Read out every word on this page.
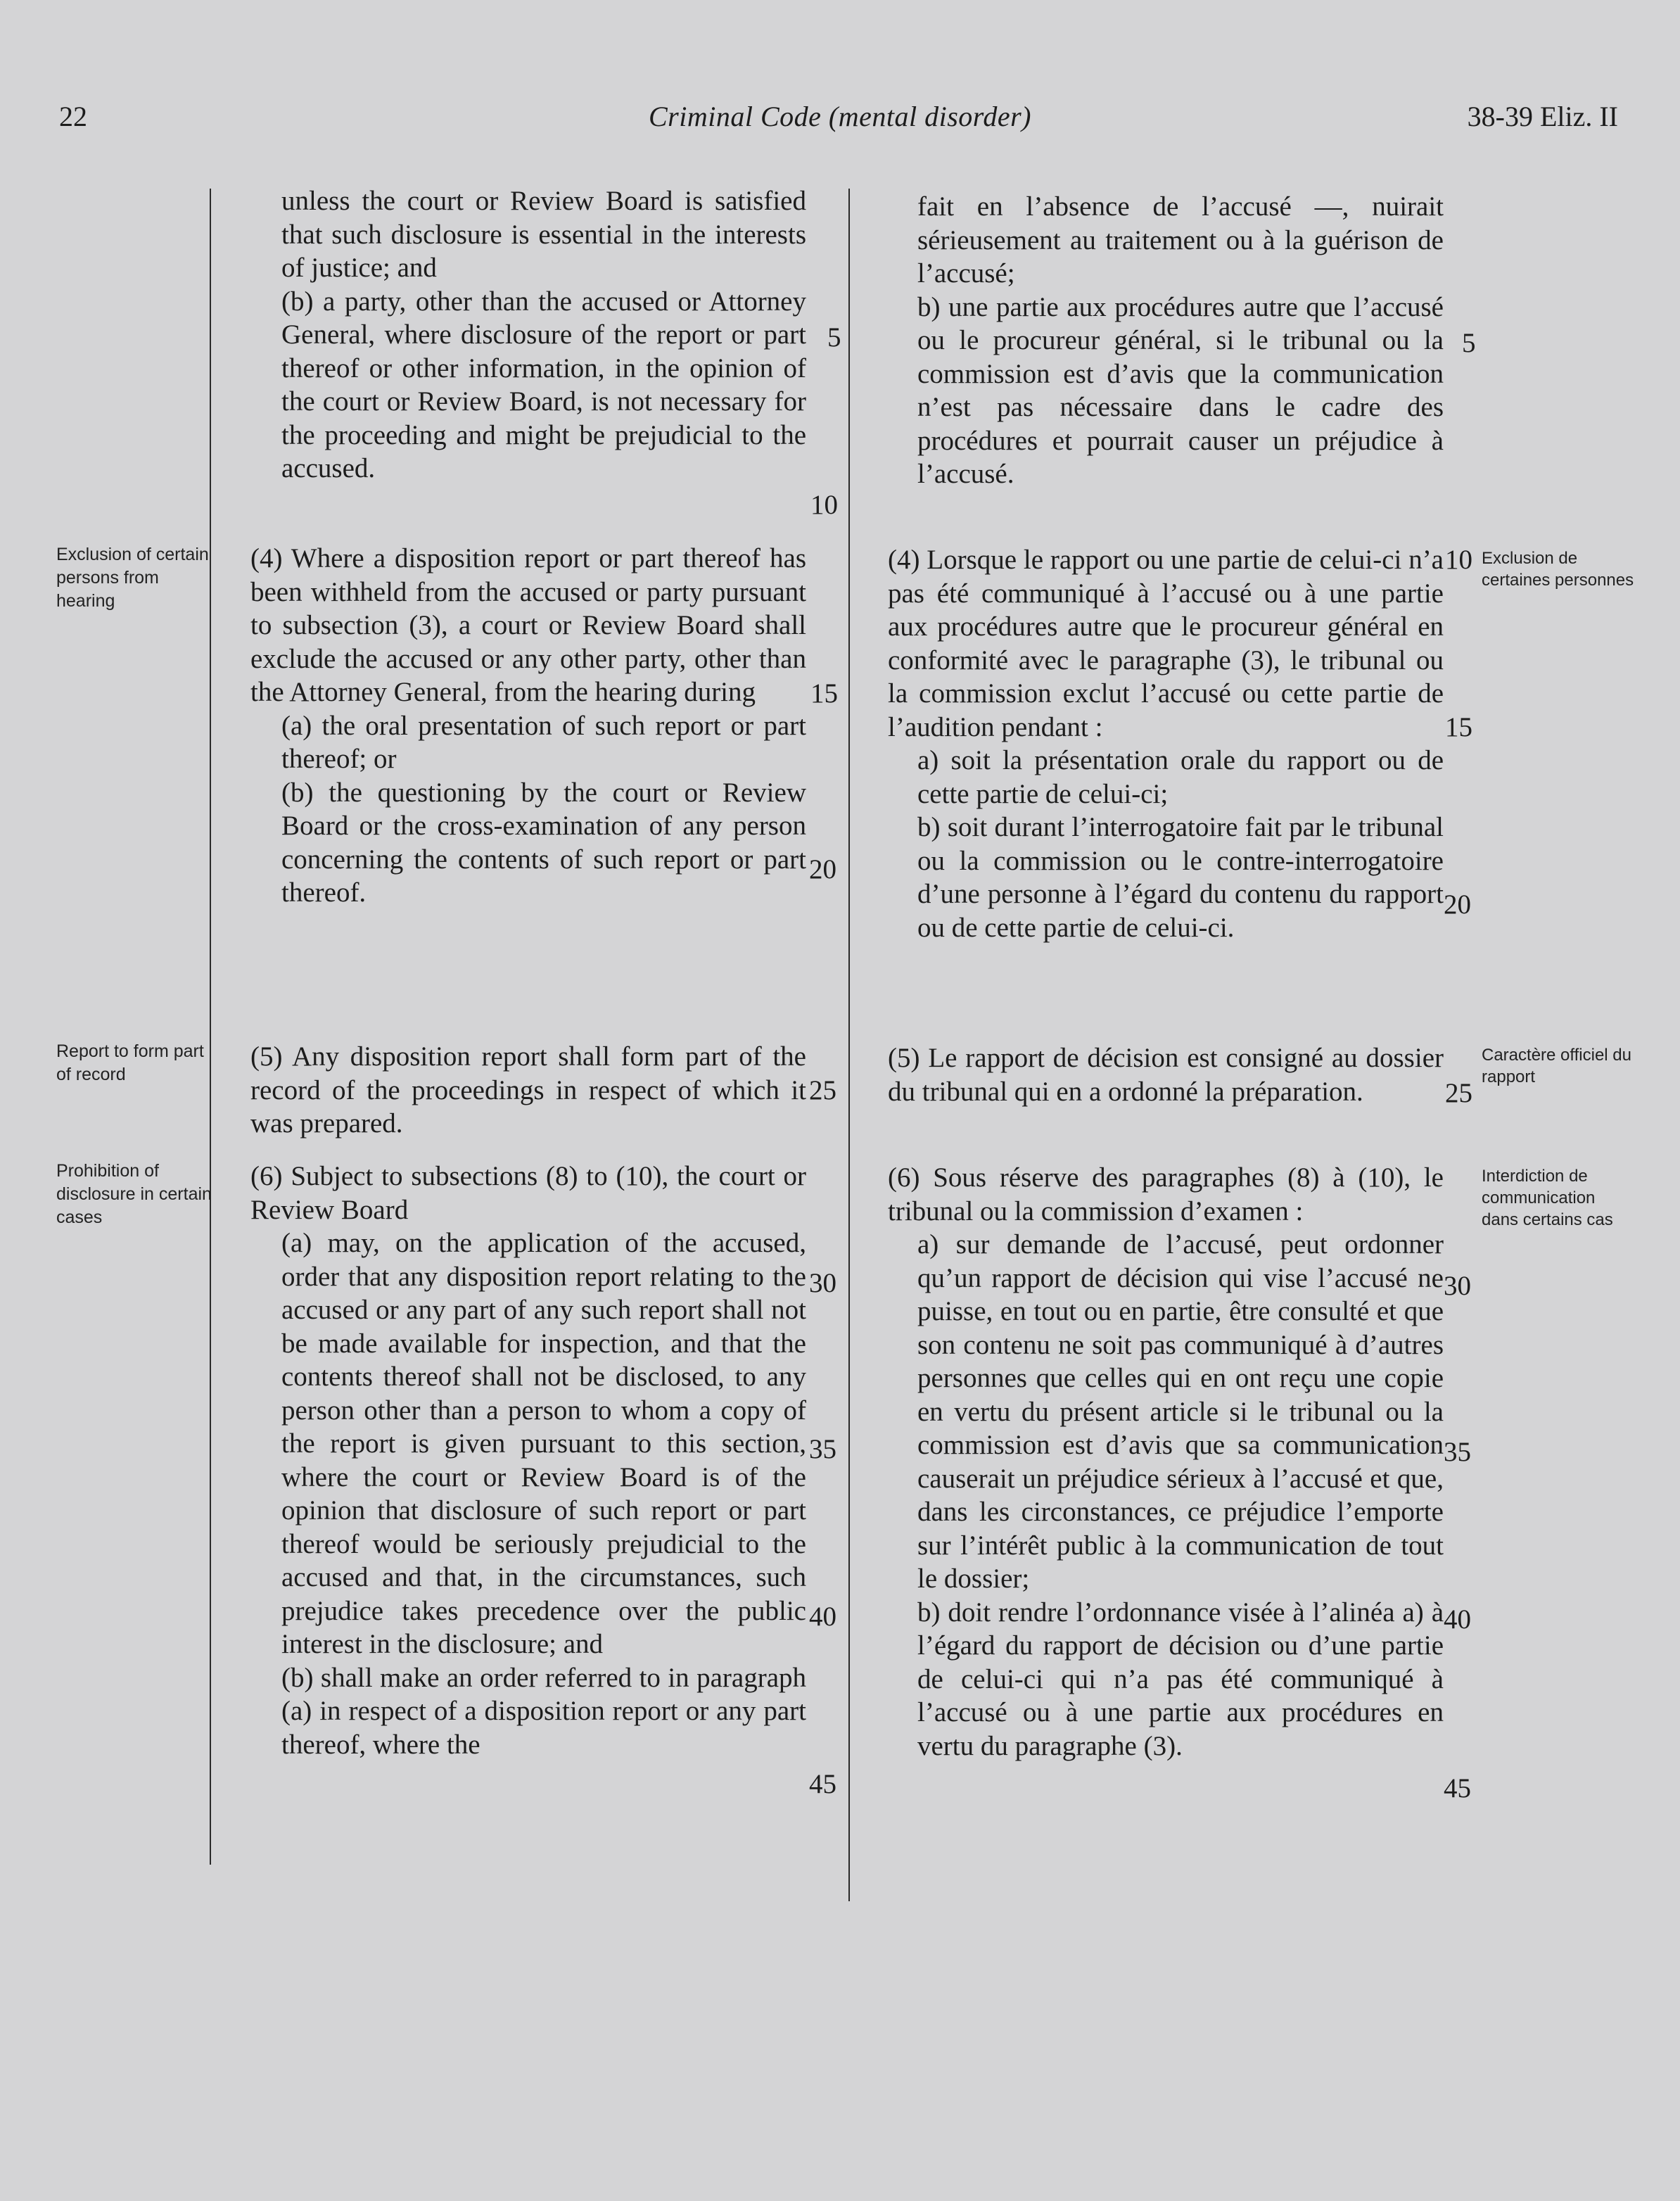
22	Criminal Code (mental disorder)	38-39 Eliz. II
Exclusion of certain persons from hearing
Report to form part of record
Prohibition of disclosure in certain cases
Exclusion de certaines personnes
Caractère officiel du rapport
Interdiction de communication dans certains cas

unless the court or Review Board is satisfied that such disclosure is essential in the interests of justice; and

(b) a party, other than the accused or Attorney General, where disclosure of the report or part thereof or other information, in the opinion of the court or Review Board, is not necessary for the proceeding and might be prejudicial to the accused.

(4) Where a disposition report or part thereof has been withheld from the accused or party pursuant to subsection (3), a court or Review Board shall exclude the accused or any other party, other than the Attorney General, from the hearing during

(a) the oral presentation of such report or part thereof; or

(b) the questioning by the court or Review Board or the cross-examination of any person concerning the contents of such report or part thereof.

(5) Any disposition report shall form part of the record of the proceedings in respect of which it was prepared.

(6) Subject to subsections (8) to (10), the court or Review Board

(a) may, on the application of the accused, order that any disposition report relating to the accused or any part of any such report shall not be made available for inspection, and that the contents thereof shall not be disclosed, to any person other than a person to whom a copy of the report is given pursuant to this section, where the court or Review Board is of the opinion that disclosure of such report or part thereof would be seriously prejudicial to the accused and that, in the circumstances, such prejudice takes precedence over the public interest in the disclosure; and

(b) shall make an order referred to in paragraph (a) in respect of a disposition report or any part thereof, where the

fait en l’absence de l’accusé —, nuirait sérieusement au traitement ou à la guérison de l’accusé;

b) une partie aux procédures autre que l’accusé ou le procureur général, si le tribunal ou la commission est d’avis que la communication n’est pas nécessaire dans le cadre des procédures et pourrait causer un préjudice à l’accusé.

(4) Lorsque le rapport ou une partie de celui-ci n’a pas été communiqué à l’accusé ou à une partie aux procédures autre que le procureur général en conformité avec le paragraphe (3), le tribunal ou la commission exclut l’accusé ou cette partie de l’audition pendant :

a) soit la présentation orale du rapport ou de cette partie de celui-ci;

b) soit durant l’interrogatoire fait par le tribunal ou la commission ou le contre-interrogatoire d’une personne à l’égard du contenu du rapport ou de cette partie de celui-ci.

(5) Le rapport de décision est consigné au dossier du tribunal qui en a ordonné la préparation.

(6) Sous réserve des paragraphes (8) à (10), le tribunal ou la commission d’examen :

a) sur demande de l’accusé, peut ordonner qu’un rapport de décision qui vise l’accusé ne puisse, en tout ou en partie, être consulté et que son contenu ne soit pas communiqué à d’autres personnes que celles qui en ont reçu une copie en vertu du présent article si le tribunal ou la commission est d’avis que sa communication causerait un préjudice sérieux à l’accusé et que, dans les circonstances, ce préjudice l’emporte sur l’intérêt public à la communication de tout le dossier;

b) doit rendre l’ordonnance visée à l’alinéa a) à l’égard du rapport de décision ou d’une partie de celui-ci qui n’a pas été communiqué à l’accusé ou à une partie aux procédures en vertu du paragraphe (3).

5
10
15
20
25
30
35
40
45
5
10
15
20
25
30
35
40
45
